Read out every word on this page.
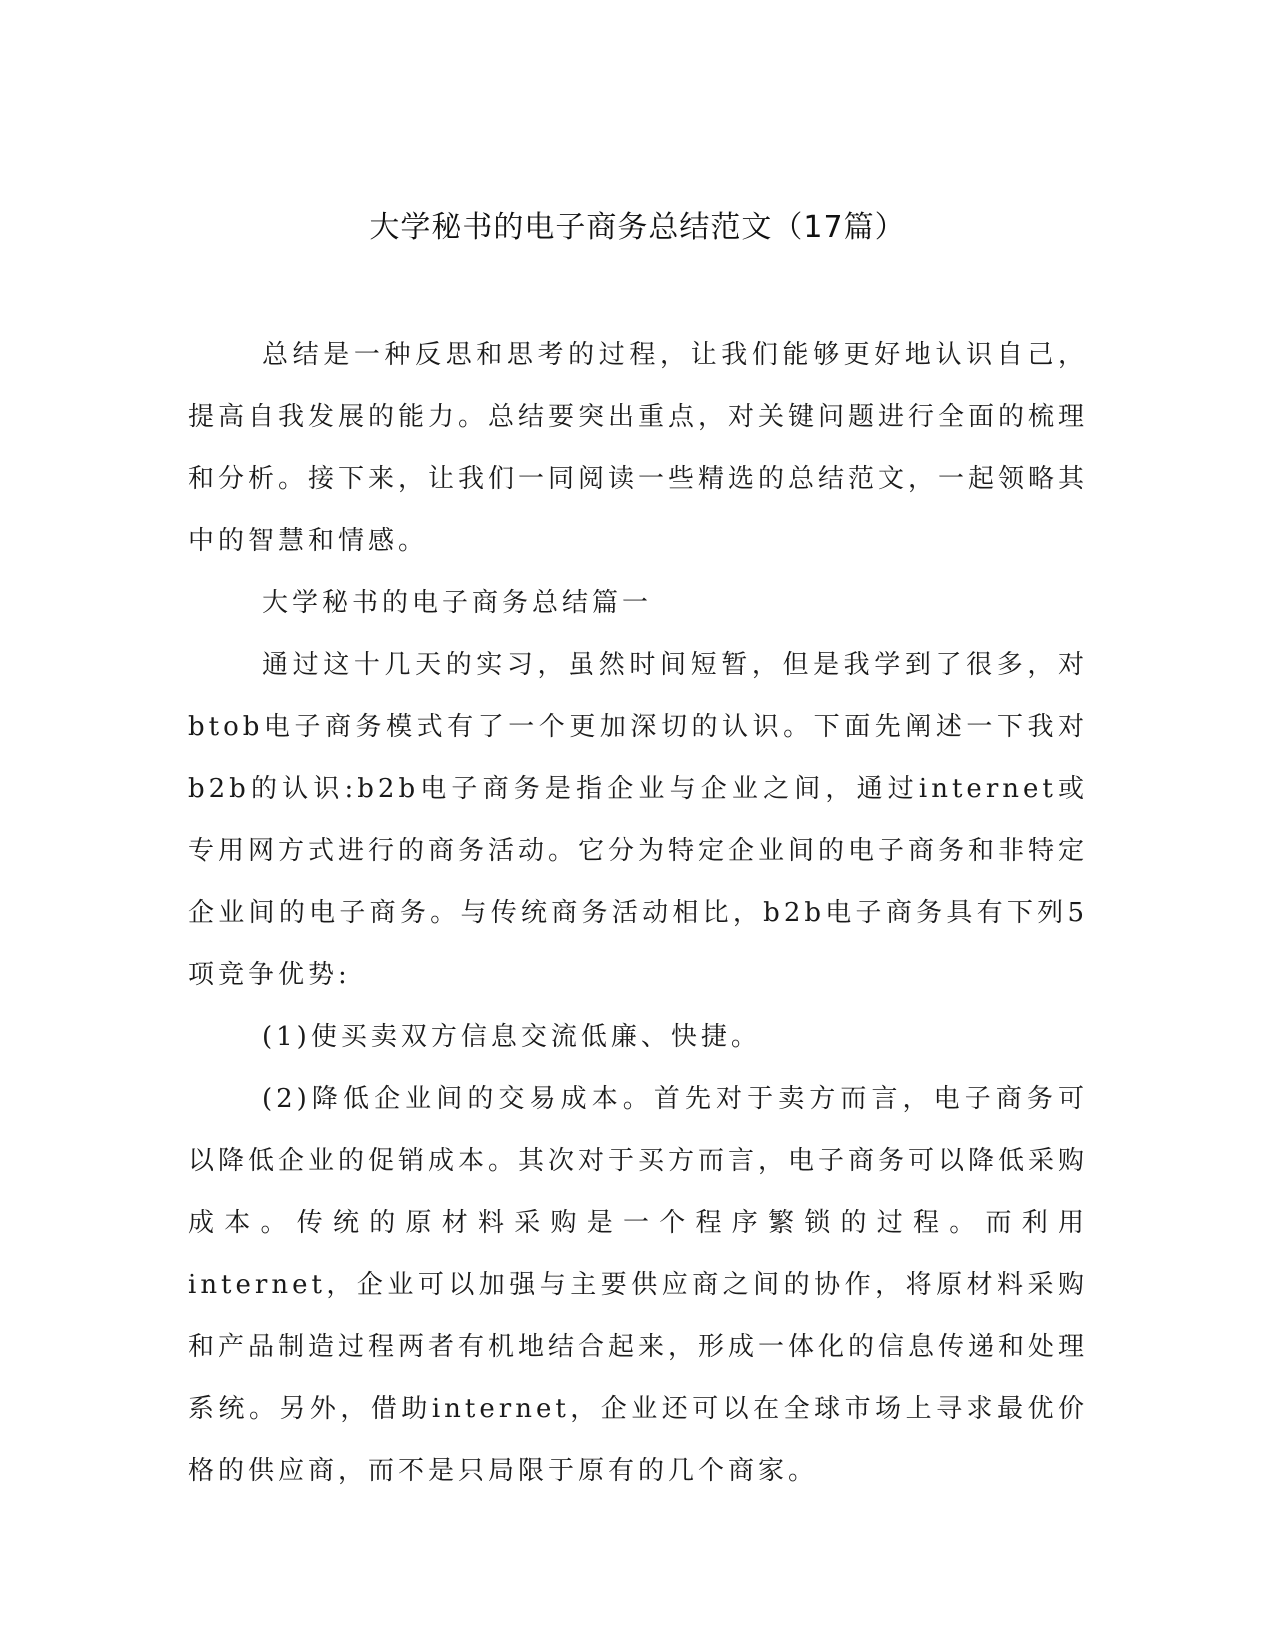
大学秘书的电子商务总结范文（17篇）

总结是一种反思和思考的过程，让我们能够更好地认识自己，提高自我发展的能力。总结要突出重点，对关键问题进行全面的梳理和分析。接下来，让我们一同阅读一些精选的总结范文，一起领略其中的智慧和情感。

大学秘书的电子商务总结篇一

通过这十几天的实习，虽然时间短暂，但是我学到了很多，对btob电子商务模式有了一个更加深切的认识。下面先阐述一下我对b2b的认识:b2b电子商务是指企业与企业之间，通过internet或专用网方式进行的商务活动。它分为特定企业间的电子商务和非特定企业间的电子商务。与传统商务活动相比，b2b电子商务具有下列5项竞争优势:

(1)使买卖双方信息交流低廉、快捷。

(2)降低企业间的交易成本。首先对于卖方而言，电子商务可以降低企业的促销成本。其次对于买方而言，电子商务可以降低采购成本。传统的原材料采购是一个程序繁锁的过程。而利用internet，企业可以加强与主要供应商之间的协作，将原材料采购和产品制造过程两者有机地结合起来，形成一体化的信息传递和处理系统。另外，借助internet，企业还可以在全球市场上寻求最优价格的供应商，而不是只局限于原有的几个商家。
